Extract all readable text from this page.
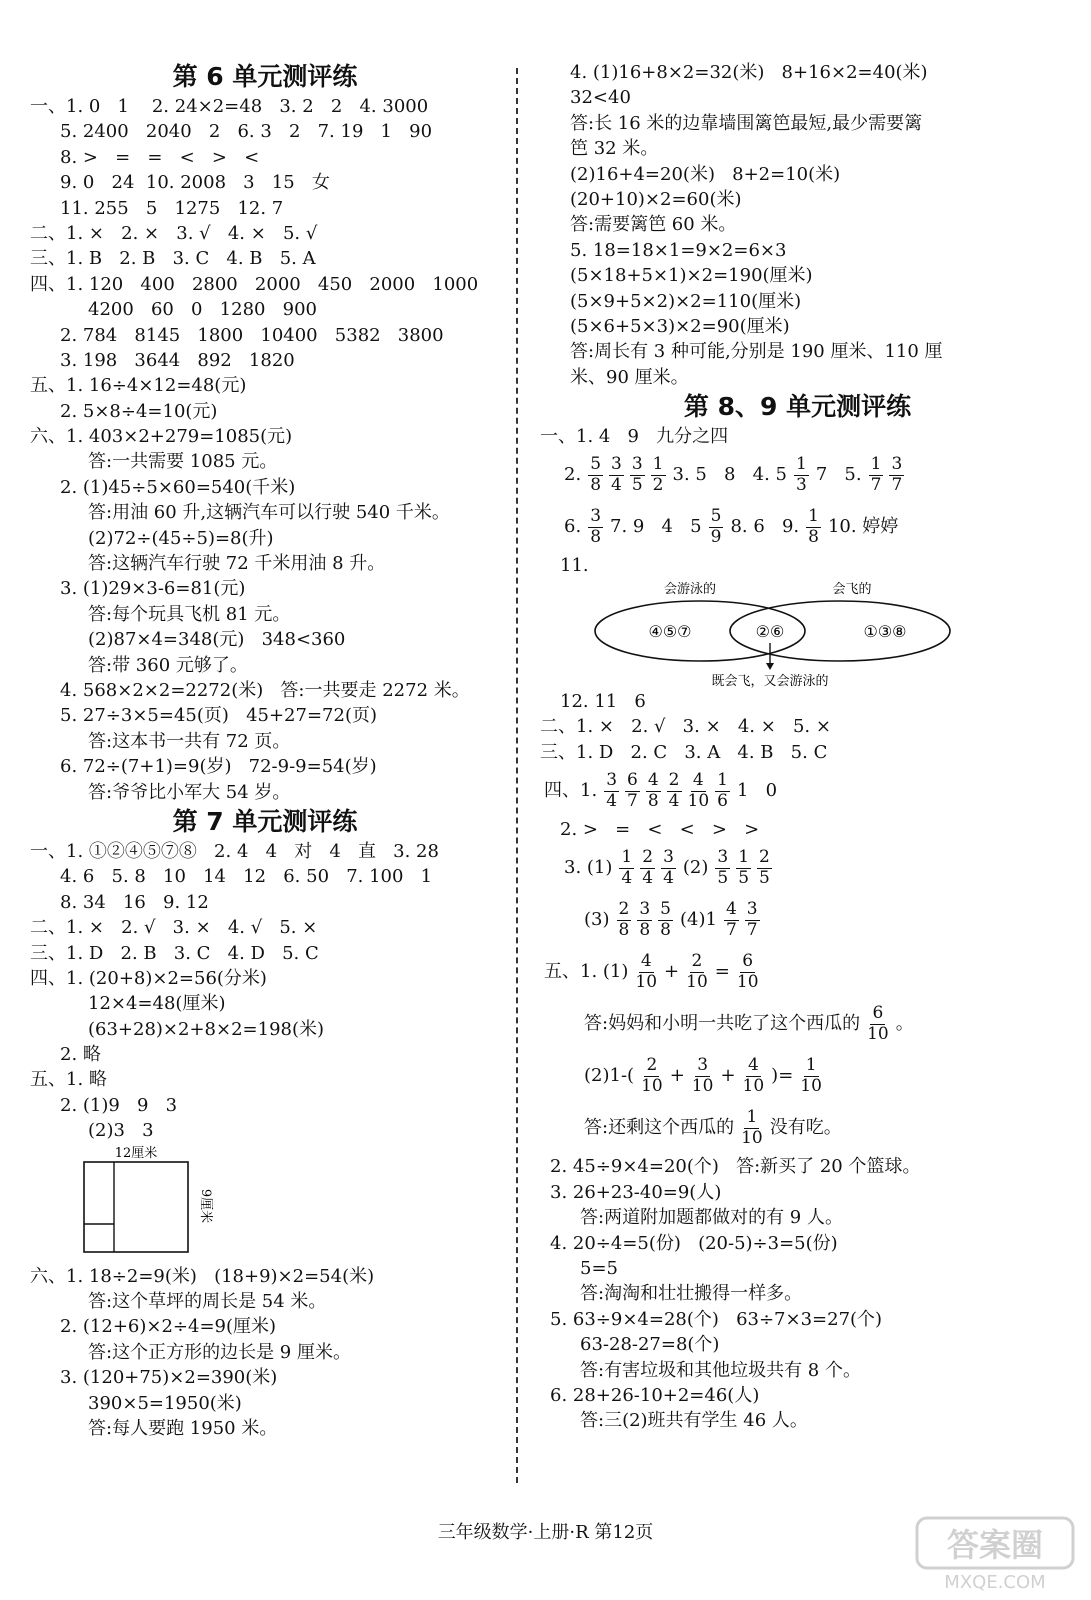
第 6 单元测评练
一、1. 0   1    2. 24×2=48   3. 2   2   4. 3000
5. 2400   2040   2   6. 3   2   7. 19   1   90
8. >   =   =   <   >   <
9. 0   24  10. 2008   3   15   女
11. 255   5   1275   12. 7
二、1. ×   2. ×   3. √   4. ×   5. √
三、1. B   2. B   3. C   4. B   5. A
四、1. 120   400   2800   2000   450   2000   1000
4200   60   0   1280   900
2. 784   8145   1800   10400   5382   3800
3. 198   3644   892   1820
五、1. 16÷4×12=48(元)
2. 5×8÷4=10(元)
六、1. 403×2+279=1085(元)
答:一共需要 1085 元。
2. (1)45÷5×60=540(千米)
答:用油 60 升,这辆汽车可以行驶 540 千米。
(2)72÷(45÷5)=8(升)
答:这辆汽车行驶 72 千米用油 8 升。
3. (1)29×3-6=81(元)
答:每个玩具飞机 81 元。
(2)87×4=348(元)   348<360
答:带 360 元够了。
4. 568×2×2=2272(米)   答:一共要走 2272 米。
5. 27÷3×5=45(页)   45+27=72(页)
答:这本书一共有 72 页。
6. 72÷(7+1)=9(岁)   72-9-9=54(岁)
答:爷爷比小军大 54 岁。
第 7 单元测评练
一、1. ①②④⑤⑦⑧   2. 4   4   对   4   直   3. 28
4. 6   5. 8   10   14   12   6. 50   7. 100   1
8. 34   16   9. 12
二、1. ×   2. √   3. ×   4. √   5. ×
三、1. D   2. B   3. C   4. D   5. C
四、1. (20+8)×2=56(分米)
12×4=48(厘米)
(63+28)×2+8×2=198(米)
2. 略
五、1. 略
2. (1)9   9   3
(2)3   3
12厘米
9厘米
六、1. 18÷2=9(米)   (18+9)×2=54(米)
答:这个草坪的周长是 54 米。
2. (12+6)×2÷4=9(厘米)
答:这个正方形的边长是 9 厘米。
3. (120+75)×2=390(米)
390×5=1950(米)
答:每人要跑 1950 米。
4. (1)16+8×2=32(米)   8+16×2=40(米)
32<40
答:长 16 米的边靠墙围篱笆最短,最少需要篱
笆 32 米。
(2)16+4=20(米)   8+2=10(米)
(20+10)×2=60(米)
答:需要篱笆 60 米。
5. 18=18×1=9×2=6×3
(5×18+5×1)×2=190(厘米)
(5×9+5×2)×2=110(厘米)
(5×6+5×3)×2=90(厘米)
答:周长有 3 种可能,分别是 190 厘米、110 厘
米、90 厘米。
第 8、9 单元测评练
一、1. 4   9   九分之四
2. $\frac{5}{8} \frac{3}{4} \frac{3}{5} \frac{1}{2} 3$. 5   8   4. $5 \frac{1}{3} 7$   5. $\frac{1}{7} \frac{3}{7}$
6. $\frac{3}{8} 7$. 9   4   $5 \frac{5}{9} 8$. 6   9. $\frac{1}{8} 10$. 婷婷
11.
会游泳的	会飞的
④⑤⑦	②⑥	①③⑧
既会飞，又会游泳的
12. 11   6
二、1. ×   2. √   3. ×   4. ×   5. ×
三、1. D   2. C   3. A   4. B   5. C
四、1. $\frac{3}{4} \frac{6}{7} \frac{4}{8} \frac{2}{4} \frac{4}{10} \frac{1}{6} 1$   0
2. >   =   <   <   >   >
3. $(1) \frac{1}{4} \frac{2}{4} \frac{3}{4} (2) \frac{3}{5} \frac{1}{5} \frac{2}{5}$
$(3) \frac{2}{8} \frac{3}{8} \frac{5}{8} (4)1 \frac{4}{7} \frac{3}{7}$
五、1. $(1) \frac{4}{10} + \frac{2}{10} = \frac{6}{10}$
答:妈妈和小明一共吃了这个西瓜的 $\frac{6}{10}$ 。
$(2)1-( \frac{2}{10} + \frac{3}{10} + \frac{4}{10}$ )= $\frac{1}{10}$
答:还剩这个西瓜的 $\frac{1}{10}$ 没有吃。
2. 45÷9×4=20(个)   答:新买了 20 个篮球。
3. 26+23-40=9(人)
答:两道附加题都做对的有 9 人。
4. 20÷4=5(份)   (20-5)÷3=5(份)
5=5
答:淘淘和壮壮搬得一样多。
5. 63÷9×4=28(个)   63÷7×3=27(个)
63-28-27=8(个)
答:有害垃圾和其他垃圾共有 8 个。
6. 28+26-10+2=46(人)
答:三(2)班共有学生 46 人。
三年级数学·上册·R 第12页	答案圈
MXQE.COM
